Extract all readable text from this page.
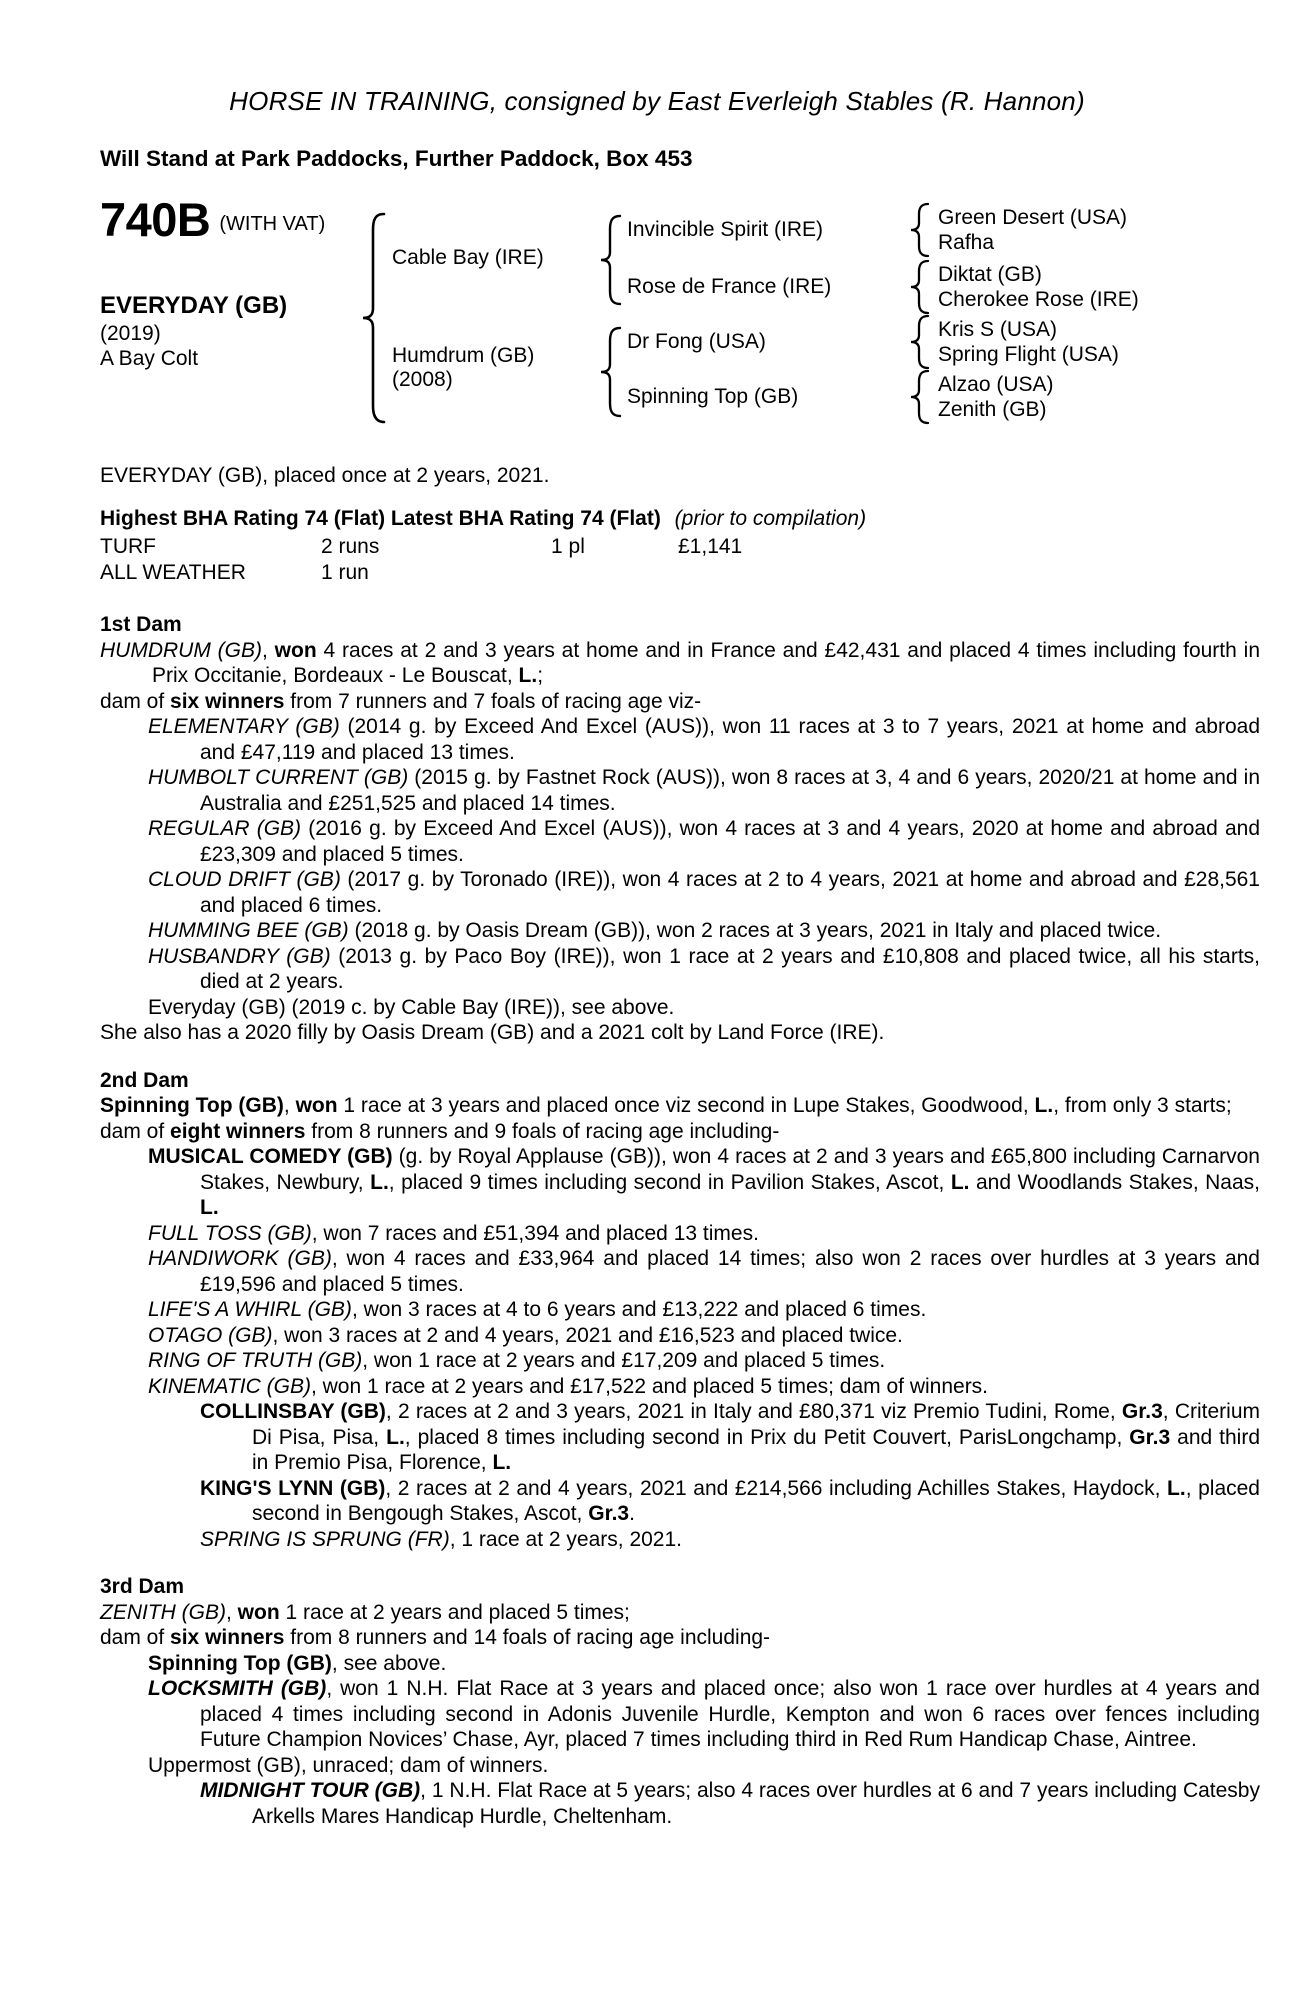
HORSE IN TRAINING, consigned by East Everleigh Stables (R. Hannon)
Will Stand at Park Paddocks, Further Paddock, Box 453
740B (WITH VAT)
EVERYDAY (GB)
(2019)
A Bay Colt
Cable Bay (IRE)
Humdrum (GB)
(2008)
Invincible Spirit (IRE)
Rose de France (IRE)
Dr Fong (USA)
Spinning Top (GB)
Green Desert (USA)
Rafha
Diktat (GB)
Cherokee Rose (IRE)
Kris S (USA)
Spring Flight (USA)
Alzao (USA)
Zenith (GB)
EVERYDAY (GB), placed once at 2 years, 2021.
Highest BHA Rating 74 (Flat) Latest BHA Rating 74 (Flat) (prior to compilation)
TURF	2 runs	1 pl	£1,141
ALL WEATHER	1 run

1st Dam

HUMDRUM (GB), won 4 races at 2 and 3 years at home and in France and £42,431 and placed 4 times including fourth in Prix Occitanie, Bordeaux - Le Bouscat, L.;

dam of six winners from 7 runners and 7 foals of racing age viz-

ELEMENTARY (GB) (2014 g. by Exceed And Excel (AUS)), won 11 races at 3 to 7 years, 2021 at home and abroad and £47,119 and placed 13 times.

HUMBOLT CURRENT (GB) (2015 g. by Fastnet Rock (AUS)), won 8 races at 3, 4 and 6 years, 2020/21 at home and in Australia and £251,525 and placed 14 times.

REGULAR (GB) (2016 g. by Exceed And Excel (AUS)), won 4 races at 3 and 4 years, 2020 at home and abroad and £23,309 and placed 5 times.

CLOUD DRIFT (GB) (2017 g. by Toronado (IRE)), won 4 races at 2 to 4 years, 2021 at home and abroad and £28,561 and placed 6 times.

HUMMING BEE (GB) (2018 g. by Oasis Dream (GB)), won 2 races at 3 years, 2021 in Italy and placed twice.

HUSBANDRY (GB) (2013 g. by Paco Boy (IRE)), won 1 race at 2 years and £10,808 and placed twice, all his starts, died at 2 years.

Everyday (GB) (2019 c. by Cable Bay (IRE)), see above.

She also has a 2020 filly by Oasis Dream (GB) and a 2021 colt by Land Force (IRE).

2nd Dam

Spinning Top (GB), won 1 race at 3 years and placed once viz second in Lupe Stakes, Goodwood, L., from only 3 starts;

dam of eight winners from 8 runners and 9 foals of racing age including-

MUSICAL COMEDY (GB) (g. by Royal Applause (GB)), won 4 races at 2 and 3 years and £65,800 including Carnarvon Stakes, Newbury, L., placed 9 times including second in Pavilion Stakes, Ascot, L. and Woodlands Stakes, Naas, L.

FULL TOSS (GB), won 7 races and £51,394 and placed 13 times.

HANDIWORK (GB), won 4 races and £33,964 and placed 14 times; also won 2 races over hurdles at 3 years and £19,596 and placed 5 times.

LIFE'S A WHIRL (GB), won 3 races at 4 to 6 years and £13,222 and placed 6 times.

OTAGO (GB), won 3 races at 2 and 4 years, 2021 and £16,523 and placed twice.

RING OF TRUTH (GB), won 1 race at 2 years and £17,209 and placed 5 times.

KINEMATIC (GB), won 1 race at 2 years and £17,522 and placed 5 times; dam of winners.

COLLINSBAY (GB), 2 races at 2 and 3 years, 2021 in Italy and £80,371 viz Premio Tudini, Rome, Gr.3, Criterium Di Pisa, Pisa, L., placed 8 times including second in Prix du Petit Couvert, ParisLongchamp, Gr.3 and third in Premio Pisa, Florence, L.

KING'S LYNN (GB), 2 races at 2 and 4 years, 2021 and £214,566 including Achilles Stakes, Haydock, L., placed second in Bengough Stakes, Ascot, Gr.3.

SPRING IS SPRUNG (FR), 1 race at 2 years, 2021.

3rd Dam

ZENITH (GB), won 1 race at 2 years and placed 5 times;

dam of six winners from 8 runners and 14 foals of racing age including-

Spinning Top (GB), see above.

LOCKSMITH (GB), won 1 N.H. Flat Race at 3 years and placed once; also won 1 race over hurdles at 4 years and placed 4 times including second in Adonis Juvenile Hurdle, Kempton and won 6 races over fences including Future Champion Novices’ Chase, Ayr, placed 7 times including third in Red Rum Handicap Chase, Aintree.

Uppermost (GB), unraced; dam of winners.

MIDNIGHT TOUR (GB), 1 N.H. Flat Race at 5 years; also 4 races over hurdles at 6 and 7 years including Catesby Arkells Mares Handicap Hurdle, Cheltenham.
